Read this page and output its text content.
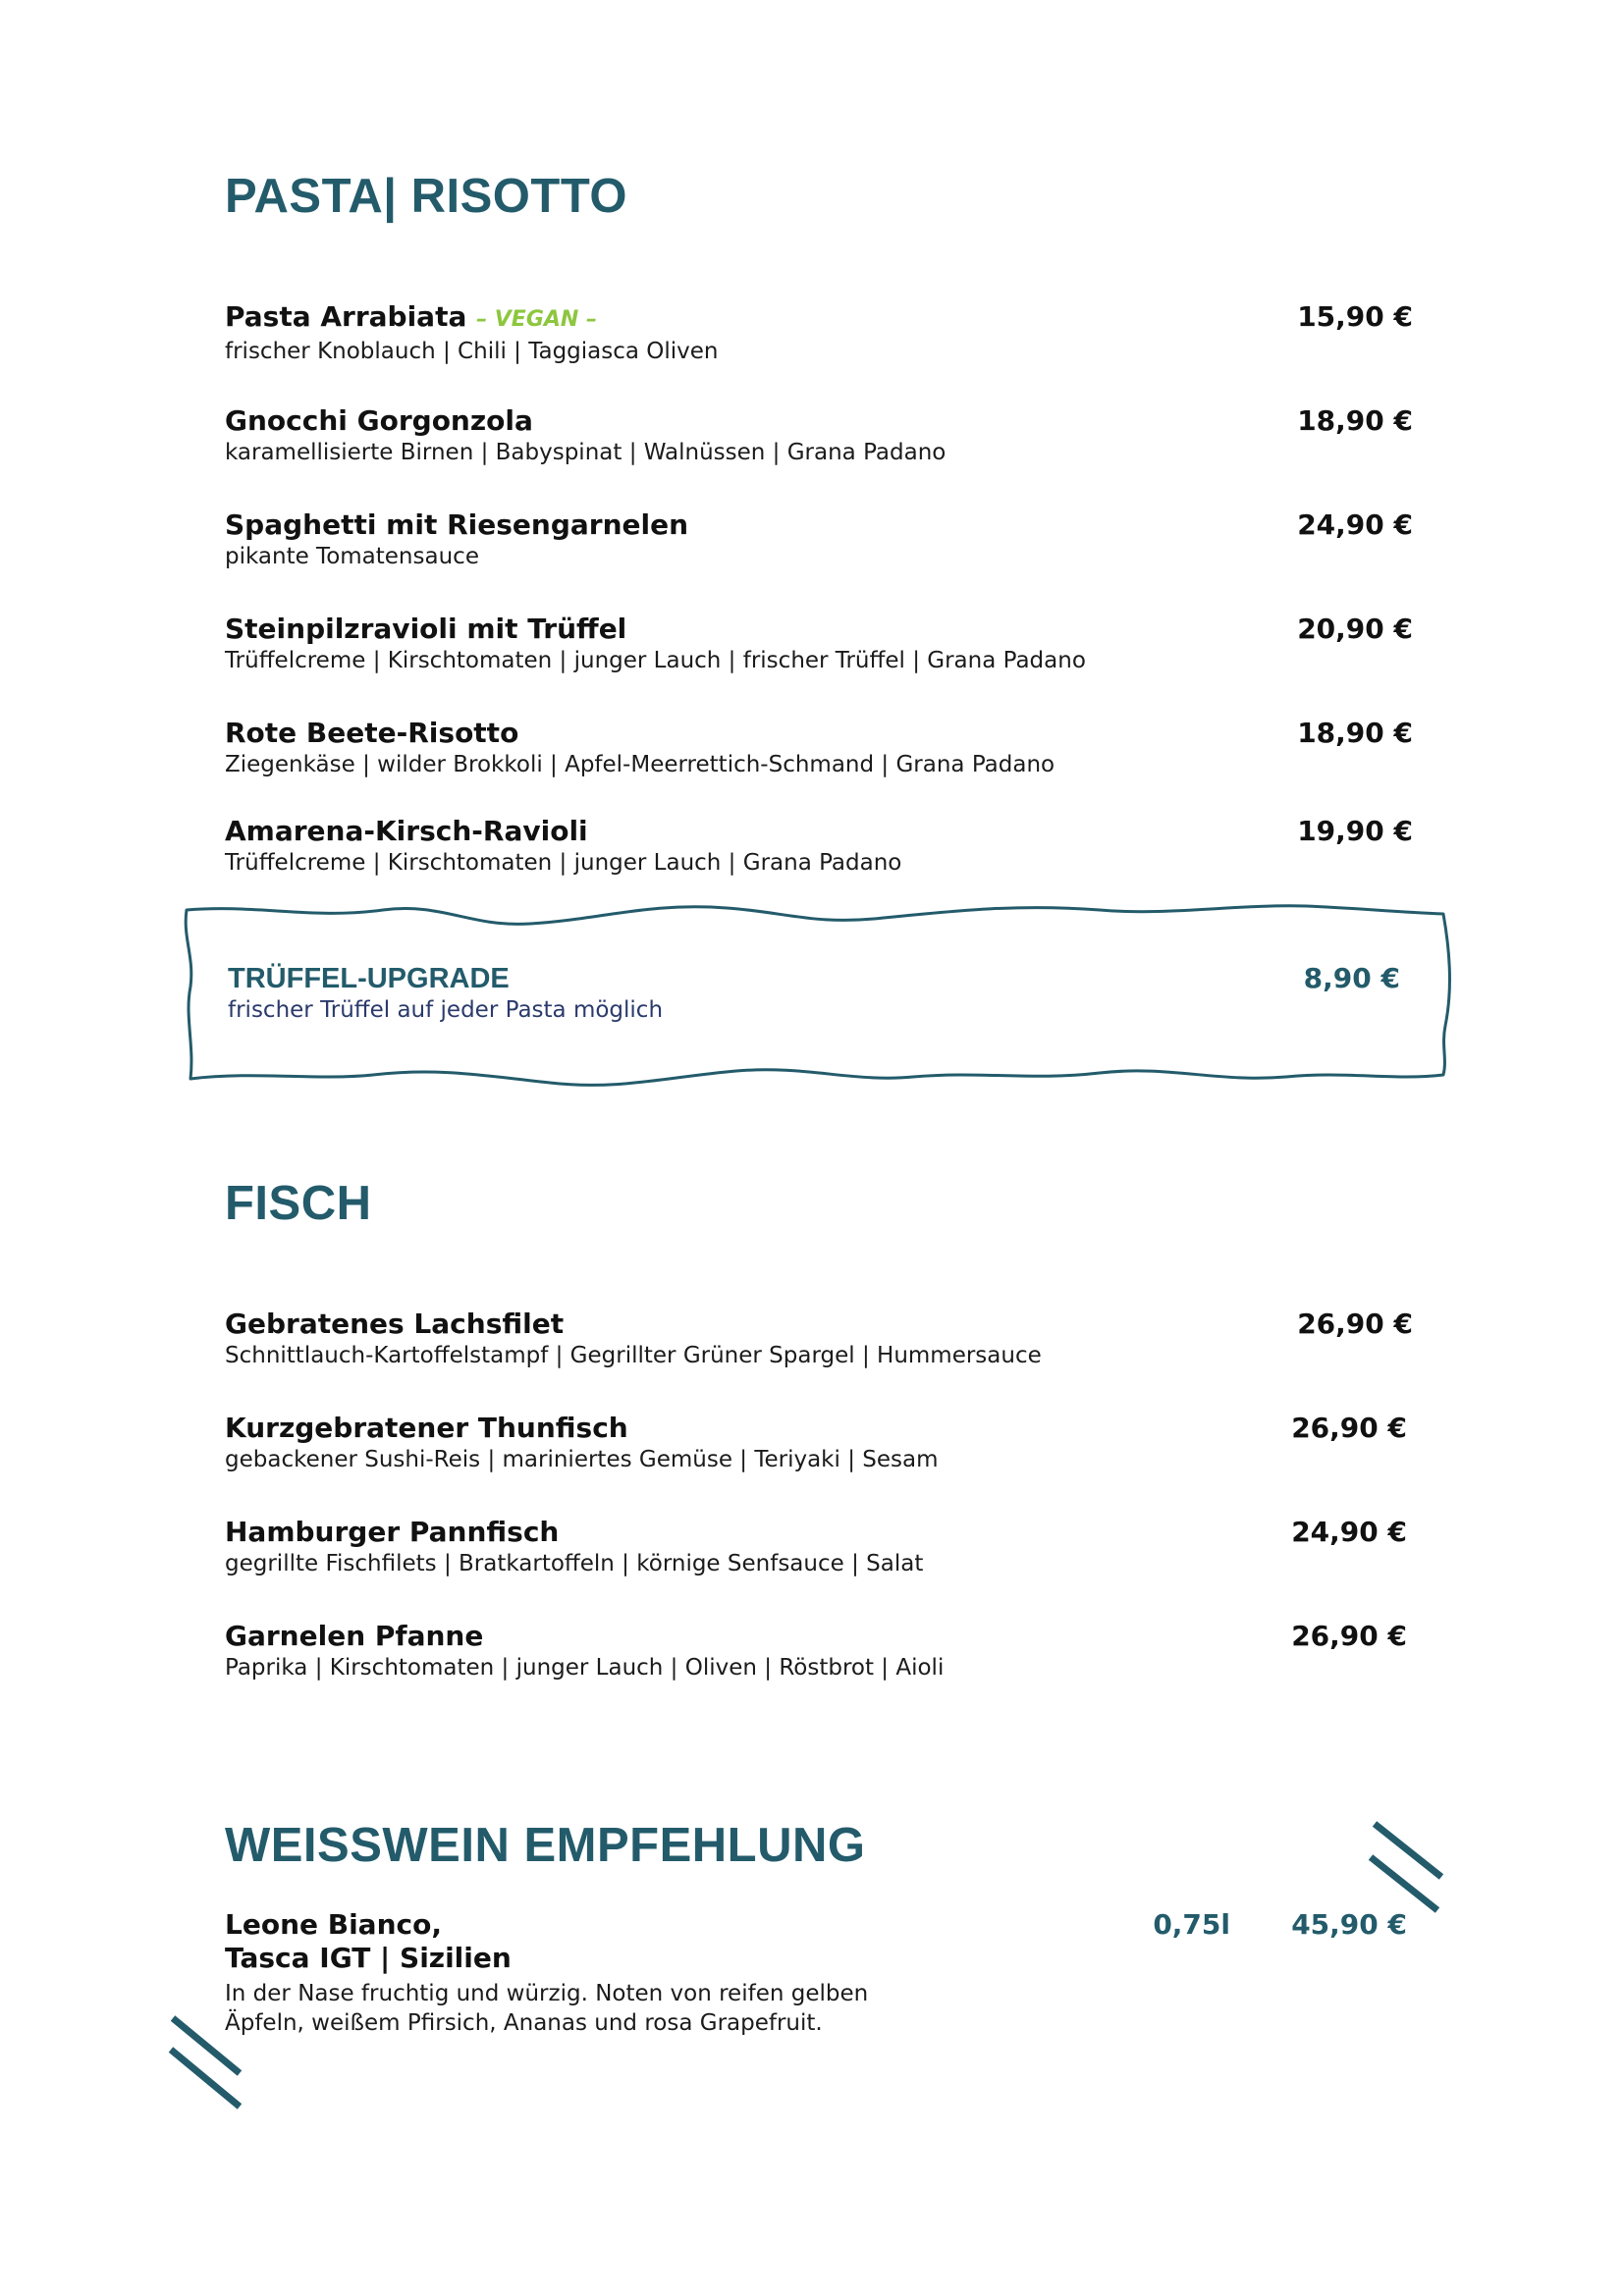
PASTA| RISOTTO
Pasta Arrabiata – VEGAN –
frischer Knoblauch | Chili | Taggiasca Oliven
15,90 €
Gnocchi Gorgonzola
karamellisierte Birnen | Babyspinat | Walnüssen | Grana Padano
18,90 €
Spaghetti mit Riesengarnelen
pikante Tomatensauce
24,90 €
Steinpilzravioli mit Trüffel
Trüffelcreme | Kirschtomaten | junger Lauch | frischer Trüffel | Grana Padano
20,90 €
Rote Beete-Risotto
Ziegenkäse | wilder Brokkoli | Apfel-Meerrettich-Schmand | Grana Padano
18,90 €
Amarena-Kirsch-Ravioli
Trüffelcreme | Kirschtomaten | junger Lauch | Grana Padano
19,90 €
TRÜFFEL-UPGRADE
frischer Trüffel auf jeder Pasta möglich
8,90 €
FISCH
Gebratenes Lachsfilet
Schnittlauch-Kartoffelstampf | Gegrillter Grüner Spargel | Hummersauce
26,90 €
Kurzgebratener Thunfisch
gebackener Sushi-Reis | mariniertes Gemüse | Teriyaki | Sesam
26,90 €
Hamburger Pannfisch
gegrillte Fischfilets | Bratkartoffeln | körnige Senfsauce | Salat
24,90 €
Garnelen Pfanne
Paprika | Kirschtomaten | junger Lauch | Oliven | Röstbrot | Aioli
26,90 €
WEISSWEIN EMPFEHLUNG
Leone Bianco,
Tasca IGT | Sizilien
In der Nase fruchtig und würzig. Noten von reifen gelben
Äpfeln, weißem Pfirsich, Ananas und rosa Grapefruit.
0,75l 45,90 €
